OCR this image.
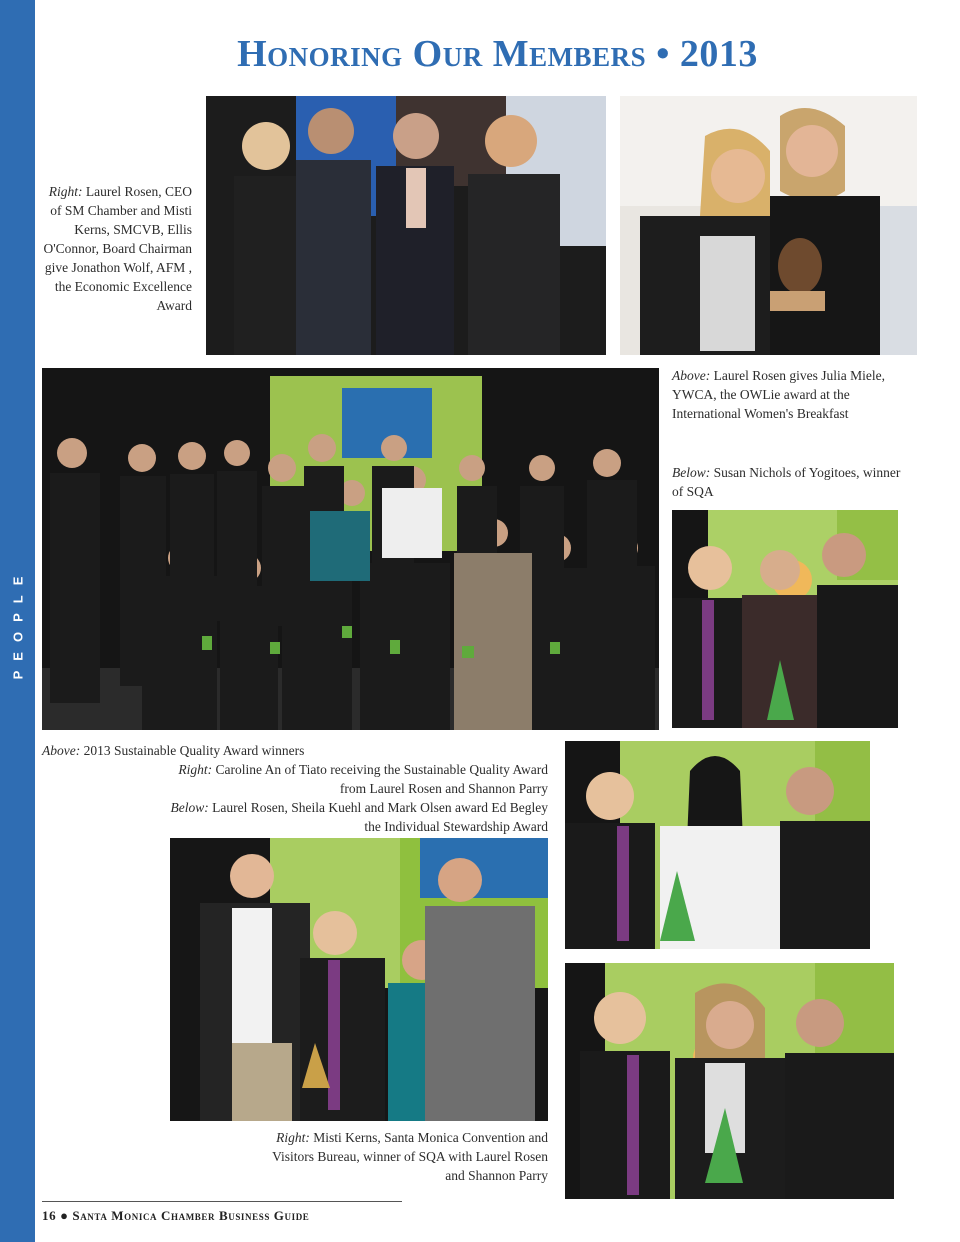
PEOPLE
Honoring Our Members • 2013
Right: Laurel Rosen, CEO of SM Chamber and Misti Kerns, SMCVB, Ellis O'Connor, Board Chairman give Jonathon Wolf, AFM , the Economic Excellence Award
Above: Laurel Rosen gives Julia Miele, YWCA, the OWLie award at the International Women's Breakfast
Below: Susan Nichols of Yogitoes, winner of SQA
Above: 2013 Sustainable Quality Award winners
Right: Caroline An of Tiato receiving the Sustainable Quality Award from Laurel Rosen and Shannon Parry
Below: Laurel Rosen, Sheila Kuehl and Mark Olsen award Ed Begley the Individual Stewardship Award
Right: Misti Kerns, Santa Monica Convention and Visitors Bureau, winner of SQA with Laurel Rosen and Shannon Parry
16 ● Santa Monica Chamber Business Guide
